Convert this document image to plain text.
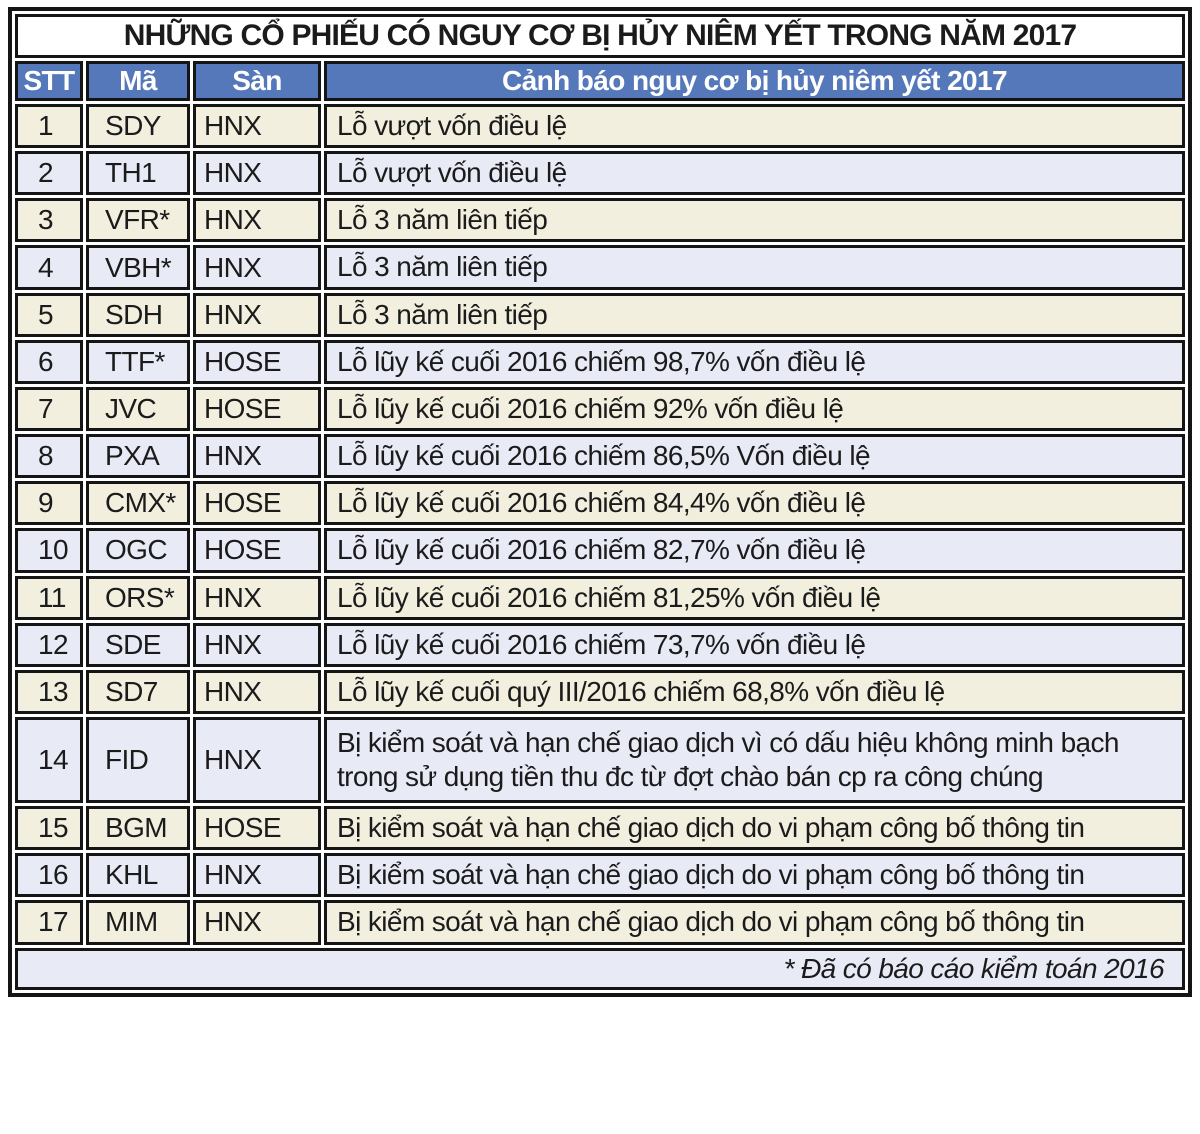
NHỮNG CỔ PHIẾU CÓ NGUY CƠ BỊ HỦY NIÊM YẾT TRONG NĂM 2017			
STT	Mã	Sàn	Cảnh báo nguy cơ bị hủy niêm yết 2017
1	SDY	HNX	Lỗ vượt vốn điều lệ
2	TH1	HNX	Lỗ vượt vốn điều lệ
3	VFR*	HNX	Lỗ 3 năm liên tiếp
4	VBH*	HNX	Lỗ 3 năm liên tiếp
5	SDH	HNX	Lỗ 3 năm liên tiếp
6	TTF*	HOSE	Lỗ lũy kế cuối 2016 chiếm 98,7% vốn điều lệ
7	JVC	HOSE	Lỗ lũy kế cuối 2016 chiếm 92% vốn điều lệ
8	PXA	HNX	Lỗ lũy kế cuối 2016 chiếm 86,5% Vốn điều lệ
9	CMX*	HOSE	Lỗ lũy kế cuối 2016 chiếm 84,4% vốn điều lệ
10	OGC	HOSE	Lỗ lũy kế cuối 2016 chiếm 82,7% vốn điều lệ
11	ORS*	HNX	Lỗ lũy kế cuối 2016 chiếm 81,25% vốn điều lệ
12	SDE	HNX	Lỗ lũy kế cuối 2016 chiếm 73,7% vốn điều lệ
13	SD7	HNX	Lỗ lũy kế cuối quý III/2016 chiếm 68,8% vốn điều lệ
14	FID	HNX	Bị kiểm soát và hạn chế giao dịch vì có dấu hiệu không minh bạch trong sử dụng tiền thu đc từ đợt chào bán cp ra công chúng
15	BGM	HOSE	Bị kiểm soát và hạn chế giao dịch do vi phạm công bố thông tin
16	KHL	HNX	Bị kiểm soát và hạn chế giao dịch do vi phạm công bố thông tin
17	MIM	HNX	Bị kiểm soát và hạn chế giao dịch do vi phạm công bố thông tin
* Đã có báo cáo kiểm toán 2016			
